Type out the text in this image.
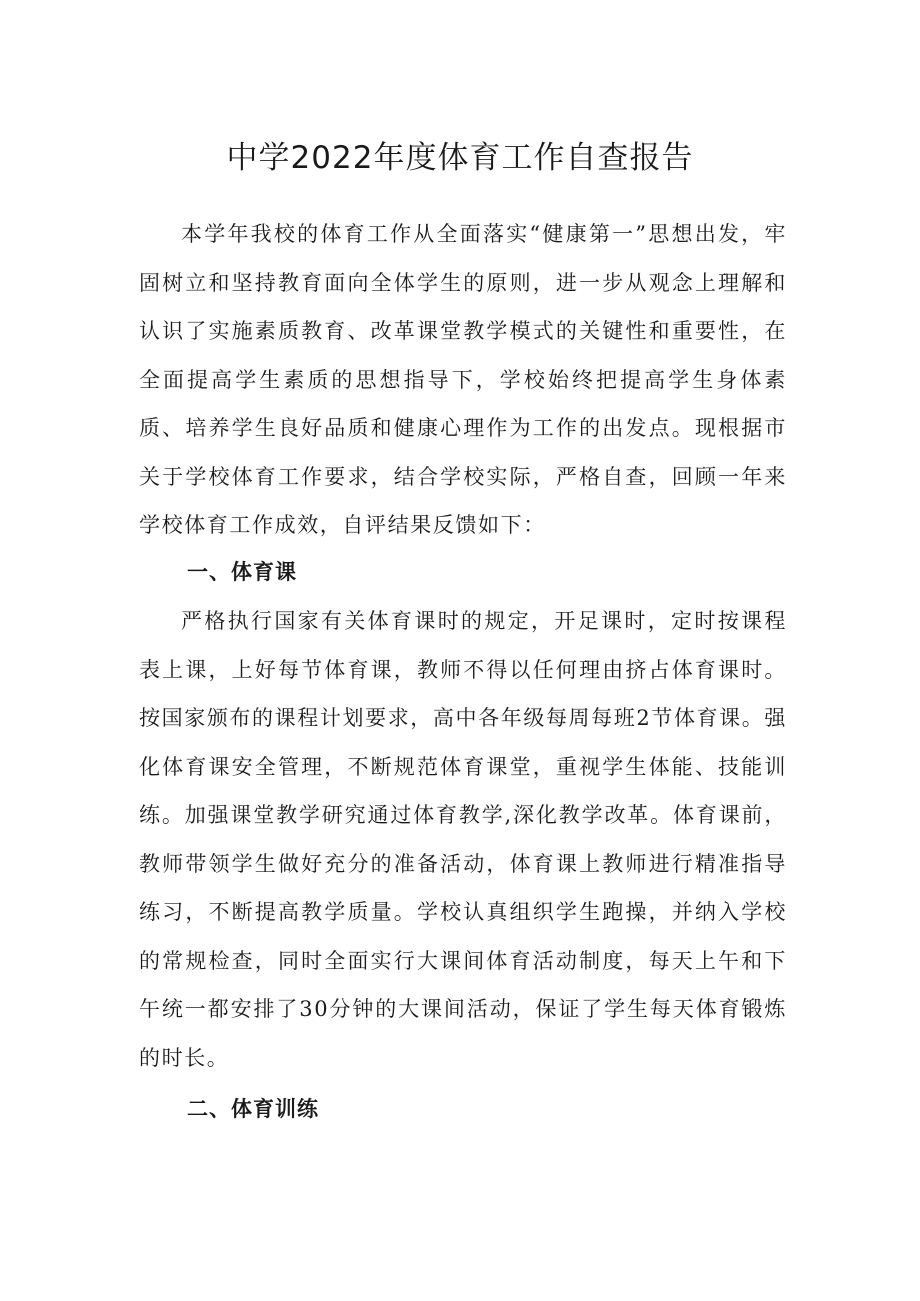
中学2022年度体育工作自查报告

本学年我校的体育工作从全面落实“健康第一”思想出发，牢固树立和坚持教育面向全体学生的原则，进一步从观念上理解和认识了实施素质教育、改革课堂教学模式的关键性和重要性，在全面提高学生素质的思想指导下，学校始终把提高学生身体素质、培养学生良好品质和健康心理作为工作的出发点。现根据市关于学校体育工作要求，结合学校实际，严格自查，回顾一年来学校体育工作成效，自评结果反馈如下：

一、体育课

严格执行国家有关体育课时的规定，开足课时，定时按课程表上课，上好每节体育课，教师不得以任何理由挤占体育课时。按国家颁布的课程计划要求，高中各年级每周每班2节体育课。强化体育课安全管理，不断规范体育课堂，重视学生体能、技能训练。加强课堂教学研究通过体育教学,深化教学改革。体育课前，教师带领学生做好充分的准备活动，体育课上教师进行精准指导练习，不断提高教学质量。学校认真组织学生跑操，并纳入学校的常规检查，同时全面实行大课间体育活动制度，每天上午和下午统一都安排了30分钟的大课间活动，保证了学生每天体育锻炼的时长。

二、体育训练
